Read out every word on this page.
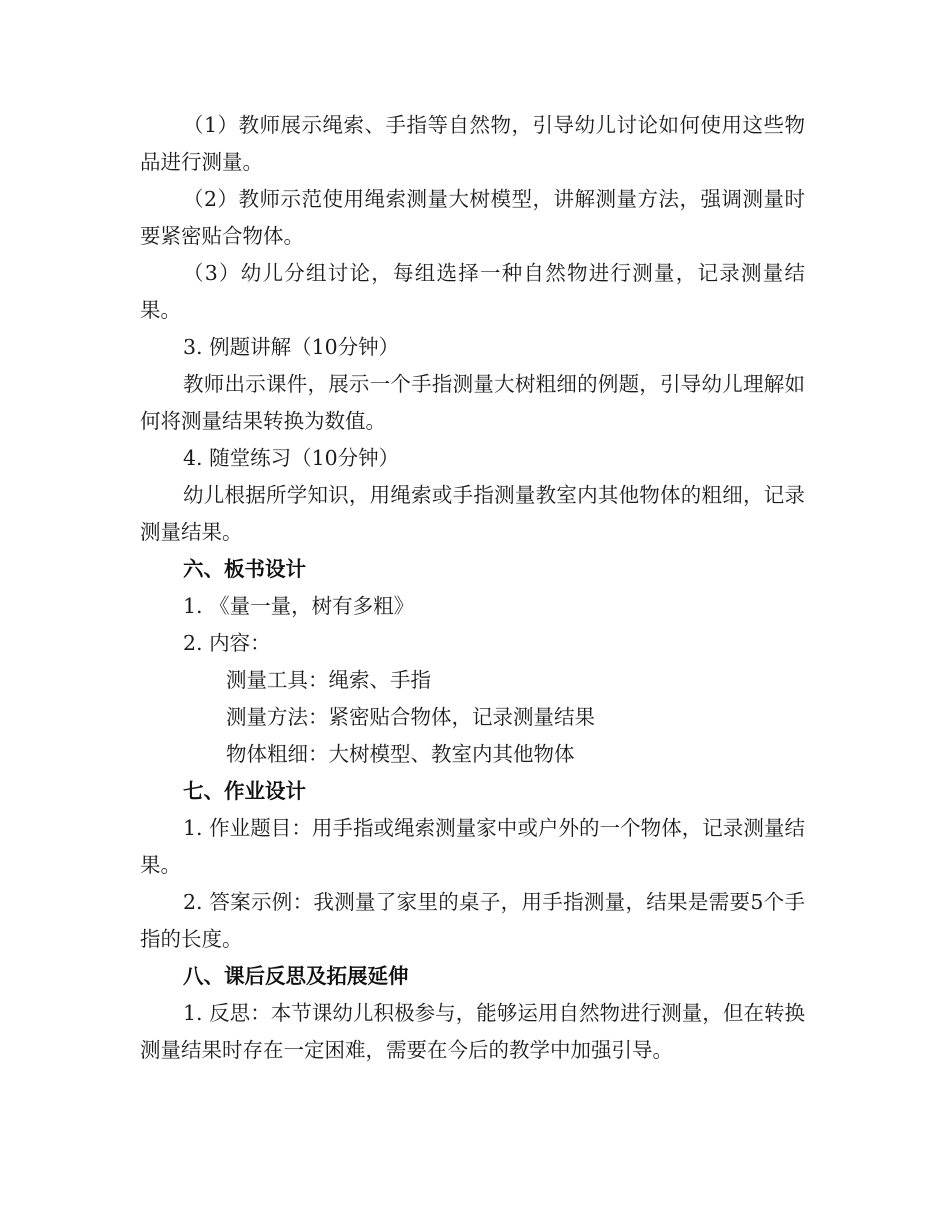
（1）教师展示绳索、手指等自然物，引导幼儿讨论如何使用这些物品进行测量。

（2）教师示范使用绳索测量大树模型，讲解测量方法，强调测量时要紧密贴合物体。

（3）幼儿分组讨论，每组选择一种自然物进行测量，记录测量结果。

3. 例题讲解（10分钟）

教师出示课件，展示一个手指测量大树粗细的例题，引导幼儿理解如何将测量结果转换为数值。

4. 随堂练习（10分钟）

幼儿根据所学知识，用绳索或手指测量教室内其他物体的粗细，记录测量结果。

六、板书设计

1. 《量一量，树有多粗》

2. 内容：

测量工具：绳索、手指

测量方法：紧密贴合物体，记录测量结果

物体粗细：大树模型、教室内其他物体

七、作业设计

1. 作业题目：用手指或绳索测量家中或户外的一个物体，记录测量结果。

2. 答案示例：我测量了家里的桌子，用手指测量，结果是需要5个手指的长度。

八、课后反思及拓展延伸

1. 反思：本节课幼儿积极参与，能够运用自然物进行测量，但在转换测量结果时存在一定困难，需要在今后的教学中加强引导。
